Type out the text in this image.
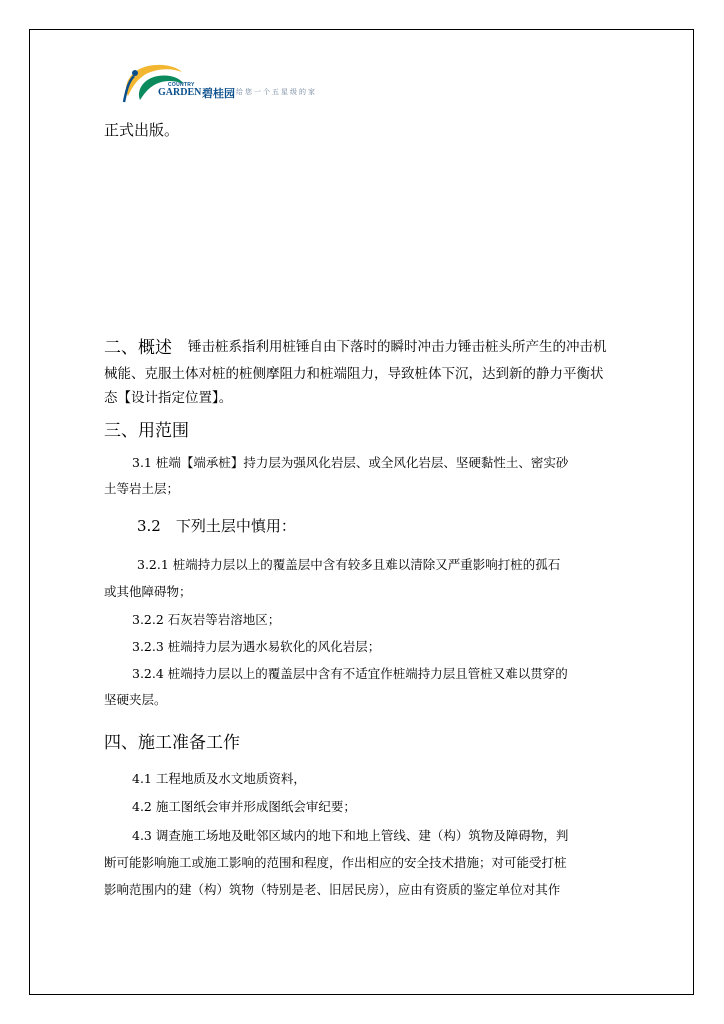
COUNTRY
GARDEN 碧桂园 给您一个五星级的家
正式出版。
二、概述 锤击桩系指利用桩锤自由下落时的瞬时冲击力锤击桩头所产生的冲击机
械能、克服土体对桩的桩侧摩阻力和桩端阻力，导致桩体下沉，达到新的静力平衡状
态【设计指定位置】。
三、用范围
3.1 桩端【端承桩】持力层为强风化岩层、或全风化岩层、坚硬黏性土、密实砂
土等岩土层；
3.2　下列土层中慎用：
3.2.1 桩端持力层以上的覆盖层中含有较多且难以清除又严重影响打桩的孤石
或其他障碍物；
3.2.2 石灰岩等岩溶地区；
3.2.3 桩端持力层为遇水易软化的风化岩层；
3.2.4 桩端持力层以上的覆盖层中含有不适宜作桩端持力层且管桩又难以贯穿的
坚硬夹层。
四、施工准备工作
4.1 工程地质及水文地质资料，
4.2 施工图纸会审并形成图纸会审纪要；
4.3 调查施工场地及毗邻区域内的地下和地上管线、建（构）筑物及障碍物，判
断可能影响施工或施工影响的范围和程度，作出相应的安全技术措施；对可能受打桩
影响范围内的建（构）筑物（特别是老、旧居民房），应由有资质的鉴定单位对其作
